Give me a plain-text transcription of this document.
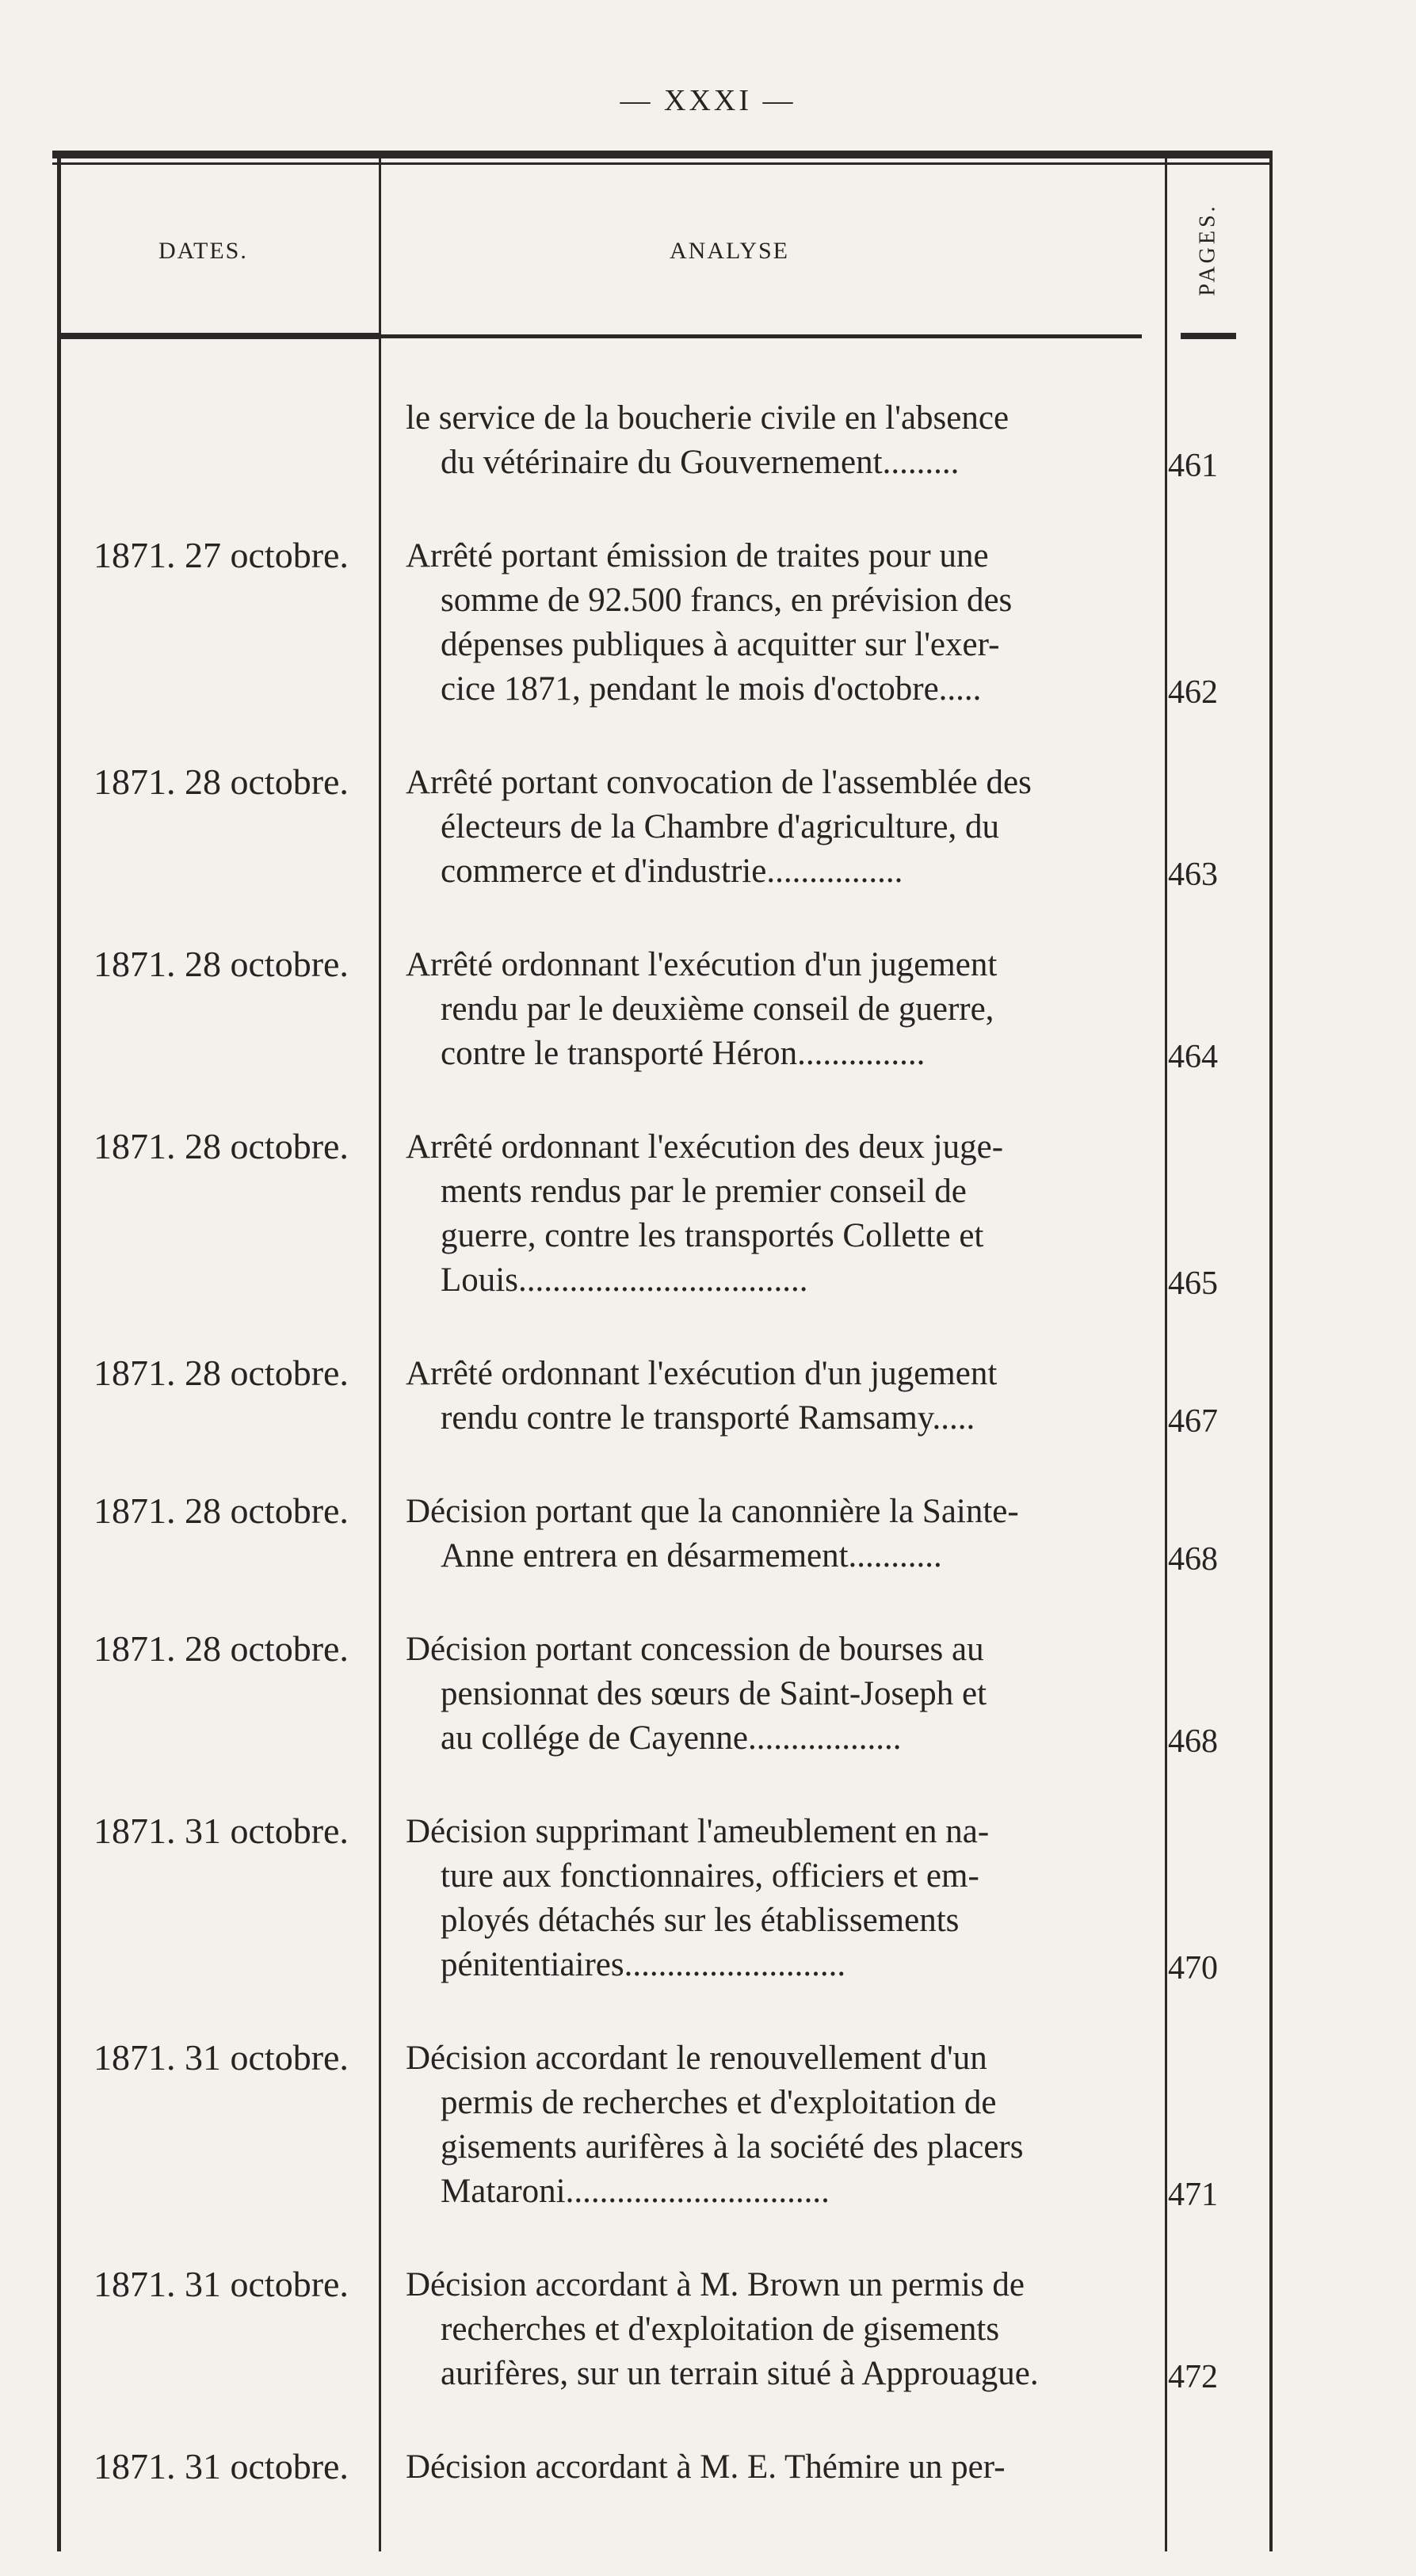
— XXXI —
DATES.	ANALYSE	PAGES.
le service de la boucherie civile en l'absence
du vétérinaire du Gouvernement.........	461
1871. 27 octobre.	Arrêté portant émission de traites pour une
somme de 92.500 francs, en prévision des
dépenses publiques à acquitter sur l'exer-
cice 1871, pendant le mois d'octobre.....	462
1871. 28 octobre.	Arrêté portant convocation de l'assemblée des
électeurs de la Chambre d'agriculture, du
commerce et d'industrie................	463
1871. 28 octobre.	Arrêté ordonnant l'exécution d'un jugement
rendu par le deuxième conseil de guerre,
contre le transporté Héron...............	464
1871. 28 octobre.	Arrêté ordonnant l'exécution des deux juge-
ments rendus par le premier conseil de
guerre, contre les transportés Collette et
Louis..................................	465
1871. 28 octobre.	Arrêté ordonnant l'exécution d'un jugement
rendu contre le transporté Ramsamy.....	467
1871. 28 octobre.	Décision portant que la canonnière la Sainte-
Anne entrera en désarmement...........	468
1871. 28 octobre.	Décision portant concession de bourses au
pensionnat des sœurs de Saint-Joseph et
au collége de Cayenne..................	468
1871. 31 octobre.	Décision supprimant l'ameublement en na-
ture aux fonctionnaires, officiers et em-
ployés détachés sur les établissements
pénitentiaires..........................	470
1871. 31 octobre.	Décision accordant le renouvellement d'un
permis de recherches et d'exploitation de
gisements aurifères à la société des placers
Mataroni...............................	471
1871. 31 octobre.	Décision accordant à M. Brown un permis de
recherches et d'exploitation de gisements
aurifères, sur un terrain situé à Approuague.	472
1871. 31 octobre.	Décision accordant à M. E. Thémire un per-
